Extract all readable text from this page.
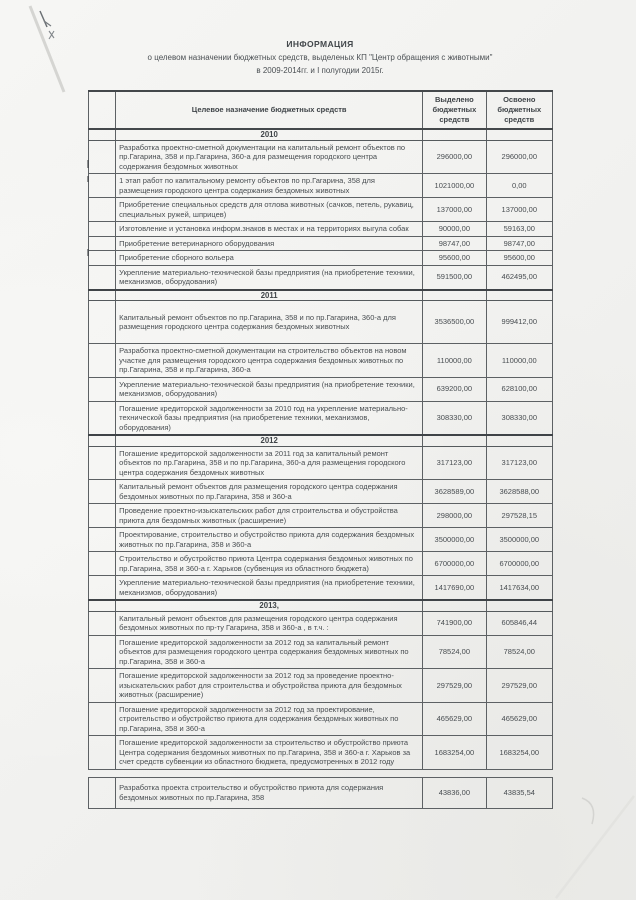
ИНФОРМАЦИЯ
о целевом назначении бюджетных средств, выделеных КП "Центр обращения с животными"
в 2009-2014гг. и I полугодии 2015г.
	Целевое назначение бюджетных средств	Выделено бюджетных средств	Освоено бюджетных средств
	2010		
	Разработка проектно-сметной документации на капитальный ремонт объектов по пр.Гагарина, 358 и пр.Гагарина, 360-а для размещения городского центра содержания бездомных животных	296000,00	296000,00
	1 этап работ по капитальному ремонту объектов по пр.Гагарина, 358 для размещения городского центра содержания бездомных животных	1021000,00	0,00
	Приобретение специальных средств для отлова животных (сачков, петель, рукавиц, специальных ружей, шприцев)	137000,00	137000,00
	Изготовление и установка информ.знаков в местах и на территориях выгула собак	90000,00	59163,00
	Приобретение ветеринарного оборудования	98747,00	98747,00
	Приобретение сборного вольера	95600,00	95600,00
	Укрепление материально-технической базы предприятия (на приобретение техники, механизмов, оборудования)	591500,00	462495,00
	2011		
	Капитальный ремонт объектов по пр.Гагарина, 358 и по пр.Гагарина, 360-а для размещения городского центра содержания бездомных животных	3536500,00	999412,00
	Разработка проектно-сметной документации на строительство объектов на новом участке для размещения городского центра содержания бездомных животных по пр.Гагарина, 358 и пр.Гагарина, 360-а	110000,00	110000,00
	Укрепление материально-технической базы предприятия (на приобретение техники, механизмов, оборудования)	639200,00	628100,00
	Погашение кредиторской задолженности за 2010 год на укрепление материально-технической базы предприятия (на приобретение техники, механизмов, оборудования)	308330,00	308330,00
	2012		
	Погашение кредиторской задолженности за 2011 год за капитальный ремонт объектов по пр.Гагарина, 358 и по пр.Гагарина, 360-а для размещения городского центра содержания бездомных животных	317123,00	317123,00
	Капитальный ремонт объектов для размещения городского центра содержания бездомных животных по пр.Гагарина, 358 и 360-а	3628589,00	3628588,00
	Проведение проектно-изыскательских работ для строительства и обустройства приюта для бездомных животных (расширение)	298000,00	297528,15
	Проектирование, строительство и обустройство приюта для содержания бездомных животных по пр.Гагарина, 358 и 360-а	3500000,00	3500000,00
	Строительство и обустройство приюта Центра содержания бездомных животных по пр.Гагарина, 358 и 360-а г. Харьков (субвенция из областного бюджета)	6700000,00	6700000,00
	Укрепление материально-технической базы предприятия (на приобретение техники, механизмов, оборудования)	1417690,00	1417634,00
	2013,		
	Капитальный ремонт объектов для размещения городского центра содержания бездомных животных по пр-ту Гагарина, 358 и 360-а , в т.ч. :	741900,00	605846,44
	Погашение кредиторской задолженности за 2012 год за капитальный ремонт объектов для размещения городского центра содержания бездомных животных по пр.Гагарина, 358 и 360-а	78524,00	78524,00
	Погашение кредиторской задолженности за 2012 год за проведение проектно-изыскательских работ для строительства и обустройства приюта для бездомных животных (расширение)	297529,00	297529,00
	Погашение кредиторской задолженности за 2012 год за проектирование, строительство и обустройство приюта для содержания бездомных животных по пр.Гагарина, 358 и 360-а	465629,00	465629,00
	Погашение кредиторской задолженности за строительство и обустройство приюта Центра содержания бездомных животных по пр.Гагарина, 358 и 360-а г. Харьков за счет средств субвенции из областного бюджета, предусмотренных в 2012 году	1683254,00	1683254,00
	Разработка проекта строительство и обустройство приюта для содержания бездомных животных по пр.Гагарина, 358	43836,00	43835,54
